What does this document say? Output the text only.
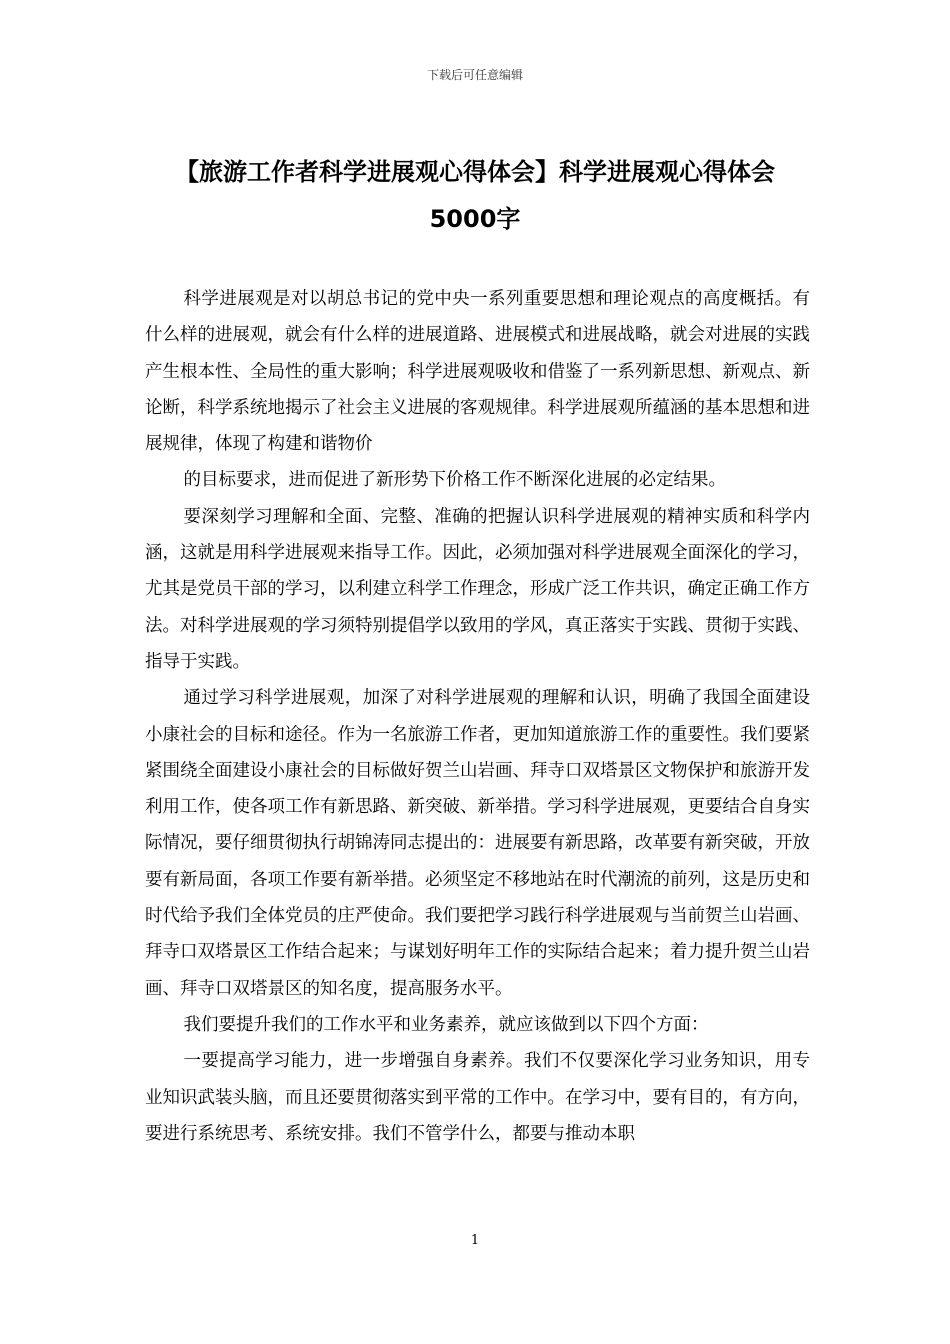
下载后可任意编辑
【旅游工作者科学进展观心得体会】科学进展观心得体会
5000字

科学进展观是对以胡总书记的党中央一系列重要思想和理论观点的高度概括。有什么样的进展观，就会有什么样的进展道路、进展模式和进展战略，就会对进展的实践产生根本性、全局性的重大影响；科学进展观吸收和借鉴了一系列新思想、新观点、新论断，科学系统地揭示了社会主义进展的客观规律。科学进展观所蕴涵的基本思想和进展规律，体现了构建和谐物价

的目标要求，进而促进了新形势下价格工作不断深化进展的必定结果。

要深刻学习理解和全面、完整、准确的把握认识科学进展观的精神实质和科学内涵，这就是用科学进展观来指导工作。因此，必须加强对科学进展观全面深化的学习，尤其是党员干部的学习，以利建立科学工作理念，形成广泛工作共识，确定正确工作方法。对科学进展观的学习须特别提倡学以致用的学风，真正落实于实践、贯彻于实践、指导于实践。

通过学习科学进展观，加深了对科学进展观的理解和认识，明确了我国全面建设小康社会的目标和途径。作为一名旅游工作者，更加知道旅游工作的重要性。我们要紧紧围绕全面建设小康社会的目标做好贺兰山岩画、拜寺口双塔景区文物保护和旅游开发利用工作，使各项工作有新思路、新突破、新举措。学习科学进展观，更要结合自身实际情况，要仔细贯彻执行胡锦涛同志提出的：进展要有新思路，改革要有新突破，开放要有新局面，各项工作要有新举措。必须坚定不移地站在时代潮流的前列，这是历史和时代给予我们全体党员的庄严使命。我们要把学习践行科学进展观与当前贺兰山岩画、拜寺口双塔景区工作结合起来；与谋划好明年工作的实际结合起来；着力提升贺兰山岩画、拜寺口双塔景区的知名度，提高服务水平。

我们要提升我们的工作水平和业务素养，就应该做到以下四个方面：

一要提高学习能力，进一步增强自身素养。我们不仅要深化学习业务知识，用专业知识武装头脑，而且还要贯彻落实到平常的工作中。在学习中，要有目的，有方向，要进行系统思考、系统安排。我们不管学什么，都要与推动本职

1
